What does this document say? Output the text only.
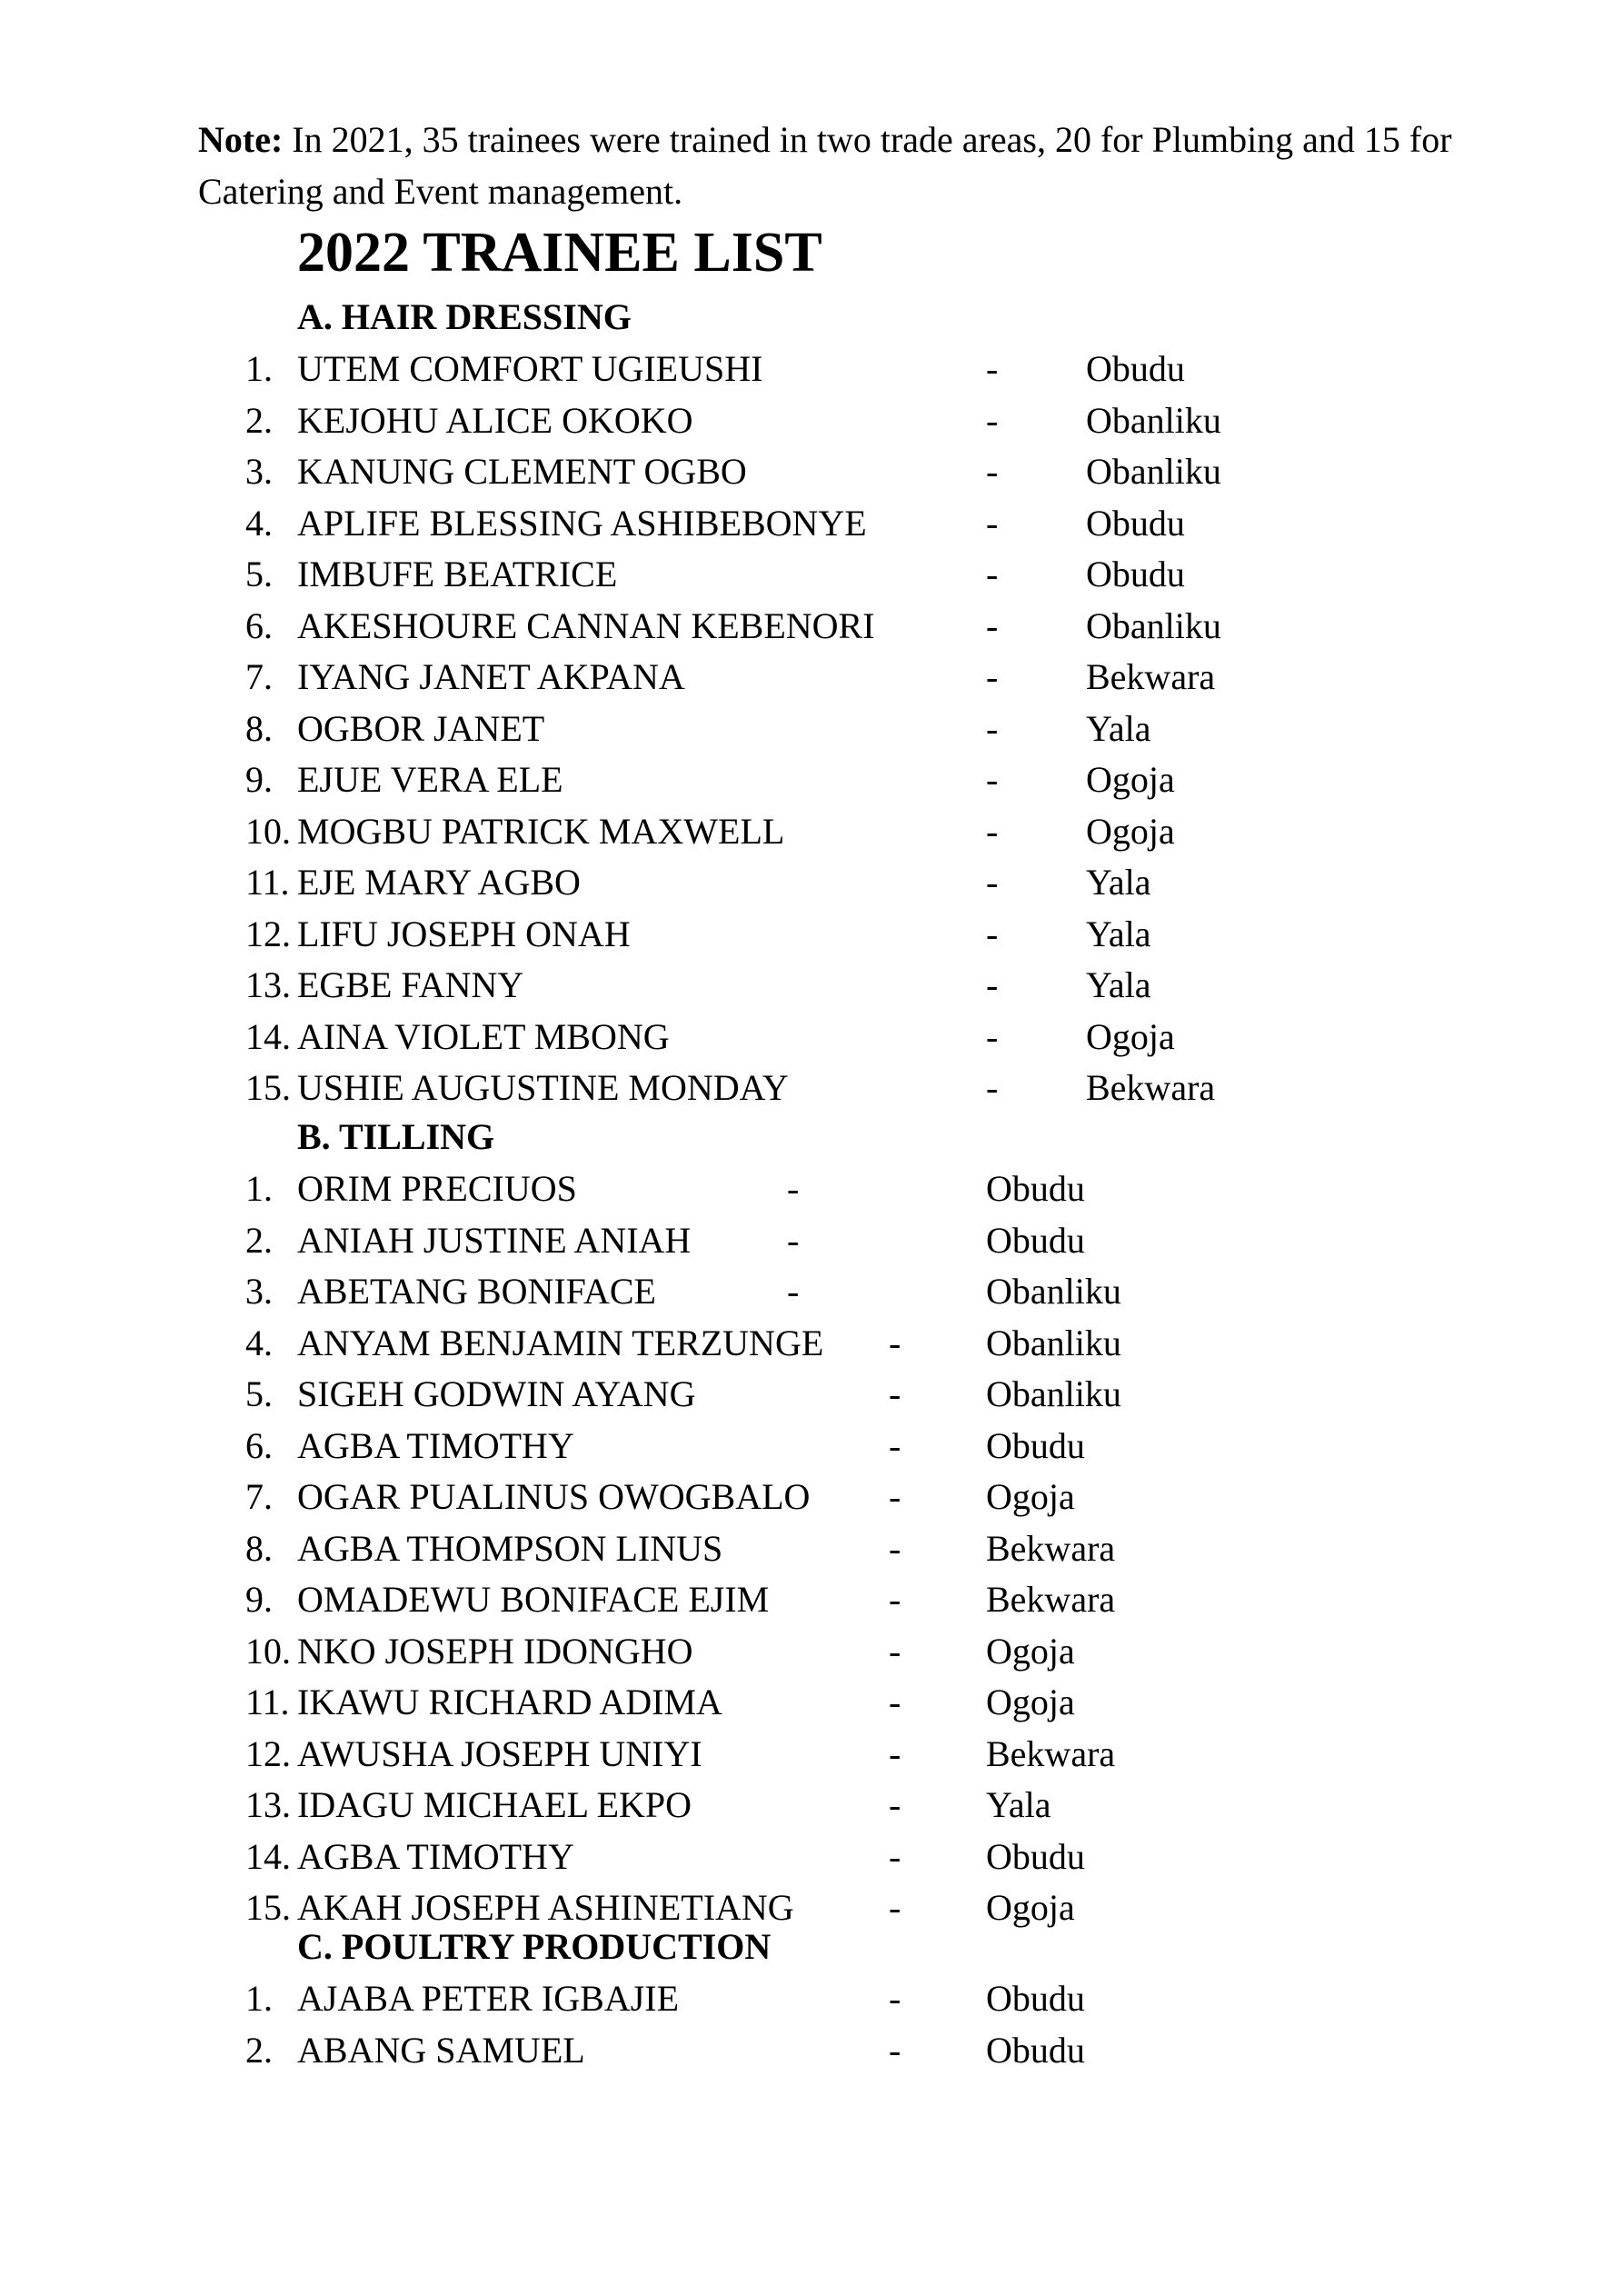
Note: In 2021, 35 trainees were trained in two trade areas, 20 for Plumbing and 15 for Catering and Event management.
2022 TRAINEE LIST
A. HAIR DRESSING
1. UTEM COMFORT UGIEUSHI	- Obudu
2. KEJOHU ALICE OKOKO	- Obanliku
3. KANUNG CLEMENT OGBO	- Obanliku
4. APLIFE BLESSING ASHIBEBONYE	- Obudu
5. IMBUFE BEATRICE	- Obudu
6. AKESHOURE CANNAN KEBENORI	- Obanliku
7. IYANG JANET AKPANA	- Bekwara
8. OGBOR JANET	- Yala
9. EJUE VERA ELE	- Ogoja
10. MOGBU PATRICK MAXWELL	- Ogoja
11. EJE MARY AGBO	- Yala
12. LIFU JOSEPH ONAH	- Yala
13. EGBE FANNY	- Yala
14. AINA VIOLET MBONG	- Ogoja
15. USHIE AUGUSTINE MONDAY	- Bekwara
B. TILLING
1. ORIM PRECIUOS	-	Obudu
2. ANIAH JUSTINE ANIAH	-	Obudu
3. ABETANG BONIFACE	-	Obanliku
4. ANYAM BENJAMIN TERZUNGE - Obanliku
5. SIGEH GODWIN AYANG	- Obanliku
6. AGBA TIMOTHY	- Obudu
7. OGAR PUALINUS OWOGBALO - Ogoja
8. AGBA THOMPSON LINUS	- Bekwara
9. OMADEWU BONIFACE EJIM	- Bekwara
10. NKO JOSEPH IDONGHO	- Ogoja
11. IKAWU RICHARD ADIMA	- Ogoja
12. AWUSHA JOSEPH UNIYI	- Bekwara
13. IDAGU MICHAEL EKPO	- Yala
14. AGBA TIMOTHY	- Obudu
15. AKAH JOSEPH ASHINETIANG	- Ogoja
C. POULTRY PRODUCTION
1. AJABA PETER IGBAJIE	- Obudu
2. ABANG SAMUEL	- Obudu
